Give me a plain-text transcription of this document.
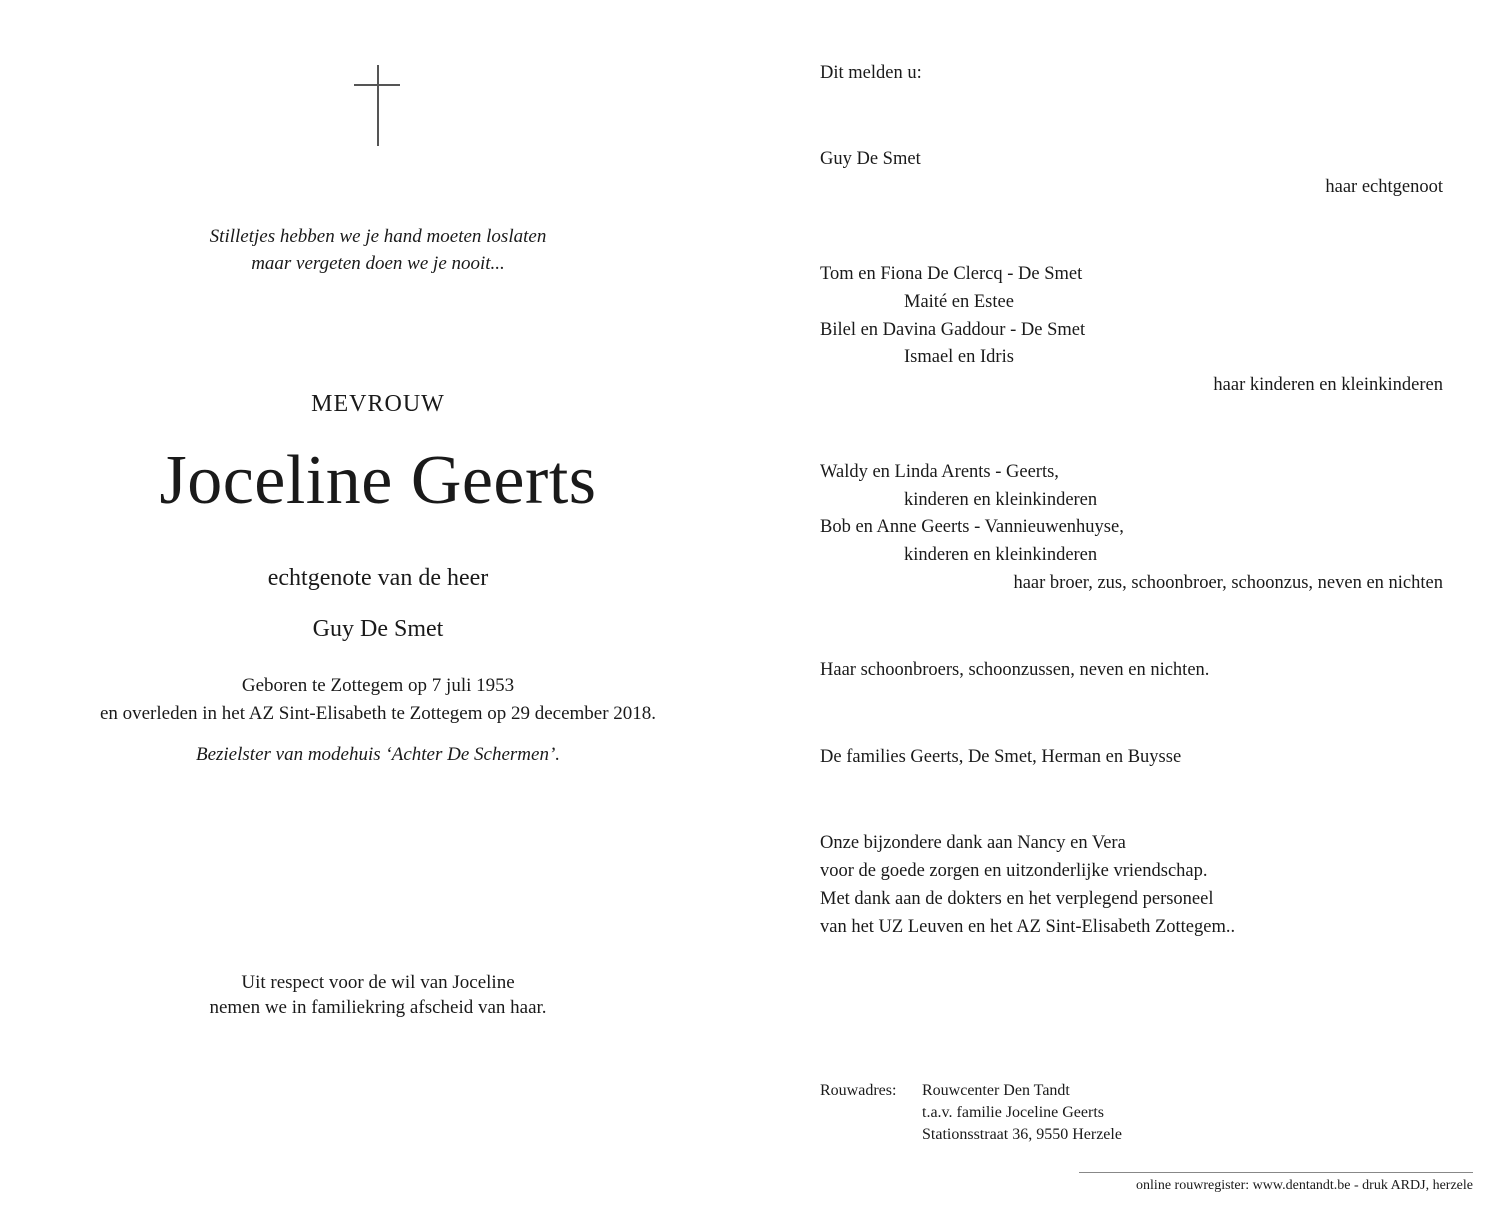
Stilletjes hebben we je hand moeten loslaten
maar vergeten doen we je nooit...
MEVROUW
Joceline Geerts
echtgenote van de heer
Guy De Smet
Geboren te Zottegem op 7 juli 1953
en overleden in het AZ Sint-Elisabeth te Zottegem op 29 december 2018.
Bezielster van modehuis ‘Achter De Schermen’.
Uit respect voor de wil van Joceline
nemen we in familiekring afscheid van haar.
Dit melden u:
Guy De Smet
haar echtgenoot
Tom en Fiona De Clercq - De Smet
Maité en Estee
Bilel en Davina Gaddour - De Smet
Ismael en Idris
haar kinderen en kleinkinderen
Waldy en Linda Arents - Geerts,
kinderen en kleinkinderen
Bob en Anne Geerts - Vannieuwenhuyse,
kinderen en kleinkinderen
haar broer, zus, schoonbroer, schoonzus, neven en nichten
Haar schoonbroers, schoonzussen, neven en nichten.
De families Geerts, De Smet, Herman en Buysse
Onze bijzondere dank aan Nancy en Vera
voor de goede zorgen en uitzonderlijke vriendschap.
Met dank aan de dokters en het verplegend personeel
van het UZ Leuven en het AZ Sint-Elisabeth Zottegem..
Rouwadres: Rouwcenter Den Tandt
t.a.v. familie Joceline Geerts
Stationsstraat 36, 9550 Herzele
online rouwregister: www.dentandt.be - druk ARDJ, herzele
